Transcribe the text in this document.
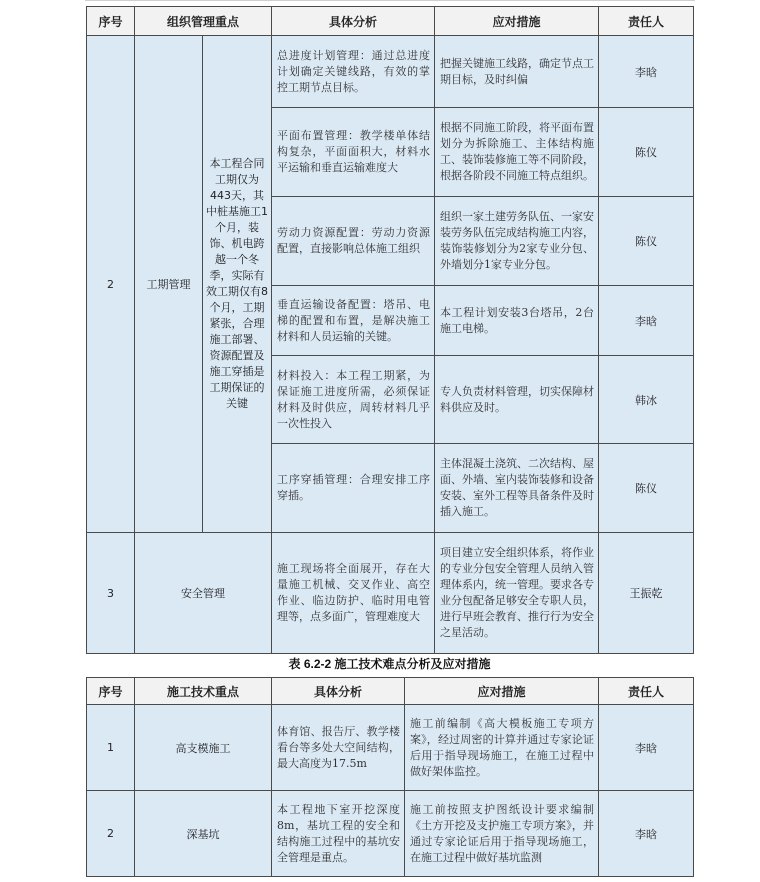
序号	组织管理重点		具体分析	应对措施	责任人
2	工期管理	本工程合同工期仅为443天，其中桩基施工1个月，装饰、机电跨越一个冬季，实际有效工期仅有8个月，工期紧张，合理施工部署、资源配置及施工穿插是工期保证的关键	总进度计划管理：通过总进度计划确定关键线路，有效的掌控工期节点目标。	把握关键施工线路，确定节点工期目标，及时纠偏	李晗
			平面布置管理：教学楼单体结构复杂，平面面积大，材料水平运输和垂直运输难度大	根据不同施工阶段，将平面布置划分为拆除施工、主体结构施工、装饰装修施工等不同阶段，根据各阶段不同施工特点组织。	陈仪
			劳动力资源配置：劳动力资源配置，直接影响总体施工组织	组织一家土建劳务队伍、一家安装劳务队伍完成结构施工内容，装饰装修划分为2家专业分包、外墙划分1家专业分包。	陈仪
			垂直运输设备配置：塔吊、电梯的配置和布置，是解决施工材料和人员运输的关键。	本工程计划安装3台塔吊，2台施工电梯。	李晗
			材料投入：本工程工期紧，为保证施工进度所需，必须保证材料及时供应，周转材料几乎一次性投入	专人负责材料管理，切实保障材料供应及时。	韩冰
			工序穿插管理：合理安排工序穿插。	主体混凝土浇筑、二次结构、屋面、外墙、室内装饰装修和设备安装、室外工程等具备条件及时插入施工。	陈仪
3	安全管理		施工现场将全面展开，存在大量施工机械、交叉作业、高空作业、临边防护、临时用电管理等，点多面广，管理难度大	项目建立安全组织体系，将作业的专业分包安全管理人员纳入管理体系内，统一管理。要求各专业分包配备足够安全专职人员，进行早班会教育、推行行为安全之星活动。	王振乾
表 6.2-2 施工技术难点分析及应对措施
序号	施工技术重点	具体分析	应对措施	责任人
1	高支模施工	体育馆、报告厅、教学楼看台等多处大空间结构，最大高度为17.5m	施工前编制《高大模板施工专项方案》，经过周密的计算并通过专家论证后用于指导现场施工，在施工过程中做好架体监控。	李晗
2	深基坑	本工程地下室开挖深度8m，基坑工程的安全和结构施工过程中的基坑安全管理是重点。	施工前按照支护图纸设计要求编制《土方开挖及支护施工专项方案》，并通过专家论证后用于指导现场施工，在施工过程中做好基坑监测	李晗
